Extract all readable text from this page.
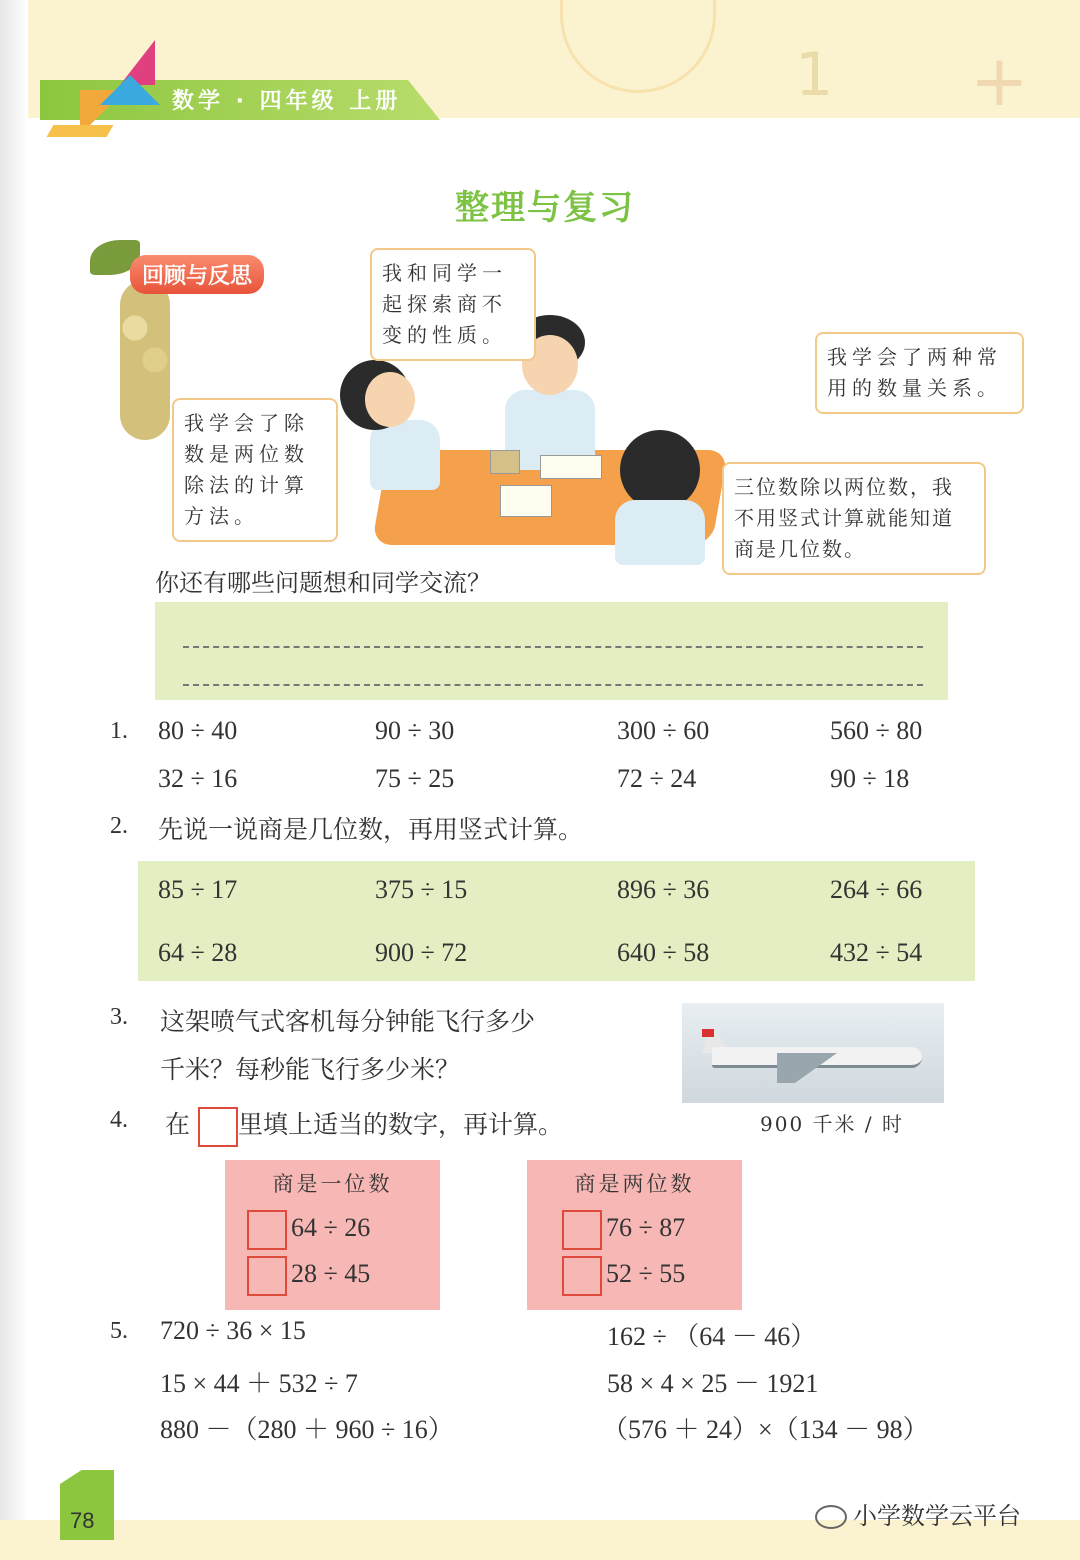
1 +
数学 · 四年级 上册
整理与复习
回顾与反思	我和同学一起探索商不变的性质。
我学会了除数是两位数除法的计算方法。
我学会了两种常用的数量关系。
三位数除以两位数，我不用竖式计算就能知道商是几位数。
你还有哪些问题想和同学交流？
1. 80 ÷ 40	90 ÷ 30	300 ÷ 60	560 ÷ 80
32 ÷ 16	75 ÷ 25	72 ÷ 24	90 ÷ 18
2. 先说一说商是几位数，再用竖式计算。
85 ÷ 17	375 ÷ 15	896 ÷ 36	264 ÷ 66
64 ÷ 28	900 ÷ 72	640 ÷ 58	432 ÷ 54
3. 这架喷气式客机每分钟能飞行多少
千米？每秒能飞行多少米？
900 千米 / 时
4. 在 里填上适当的数字，再计算。
商是一位数
64 ÷ 26
28 ÷ 45
商是两位数
76 ÷ 87
52 ÷ 55
5. 720 ÷ 36 × 15	162 ÷ （64 － 46）
15 × 44 ＋ 532 ÷ 7	58 × 4 × 25 － 1921
880 －（280 ＋ 960 ÷ 16）	（576 ＋ 24）×（134 － 98）
78	小学数学云平台
